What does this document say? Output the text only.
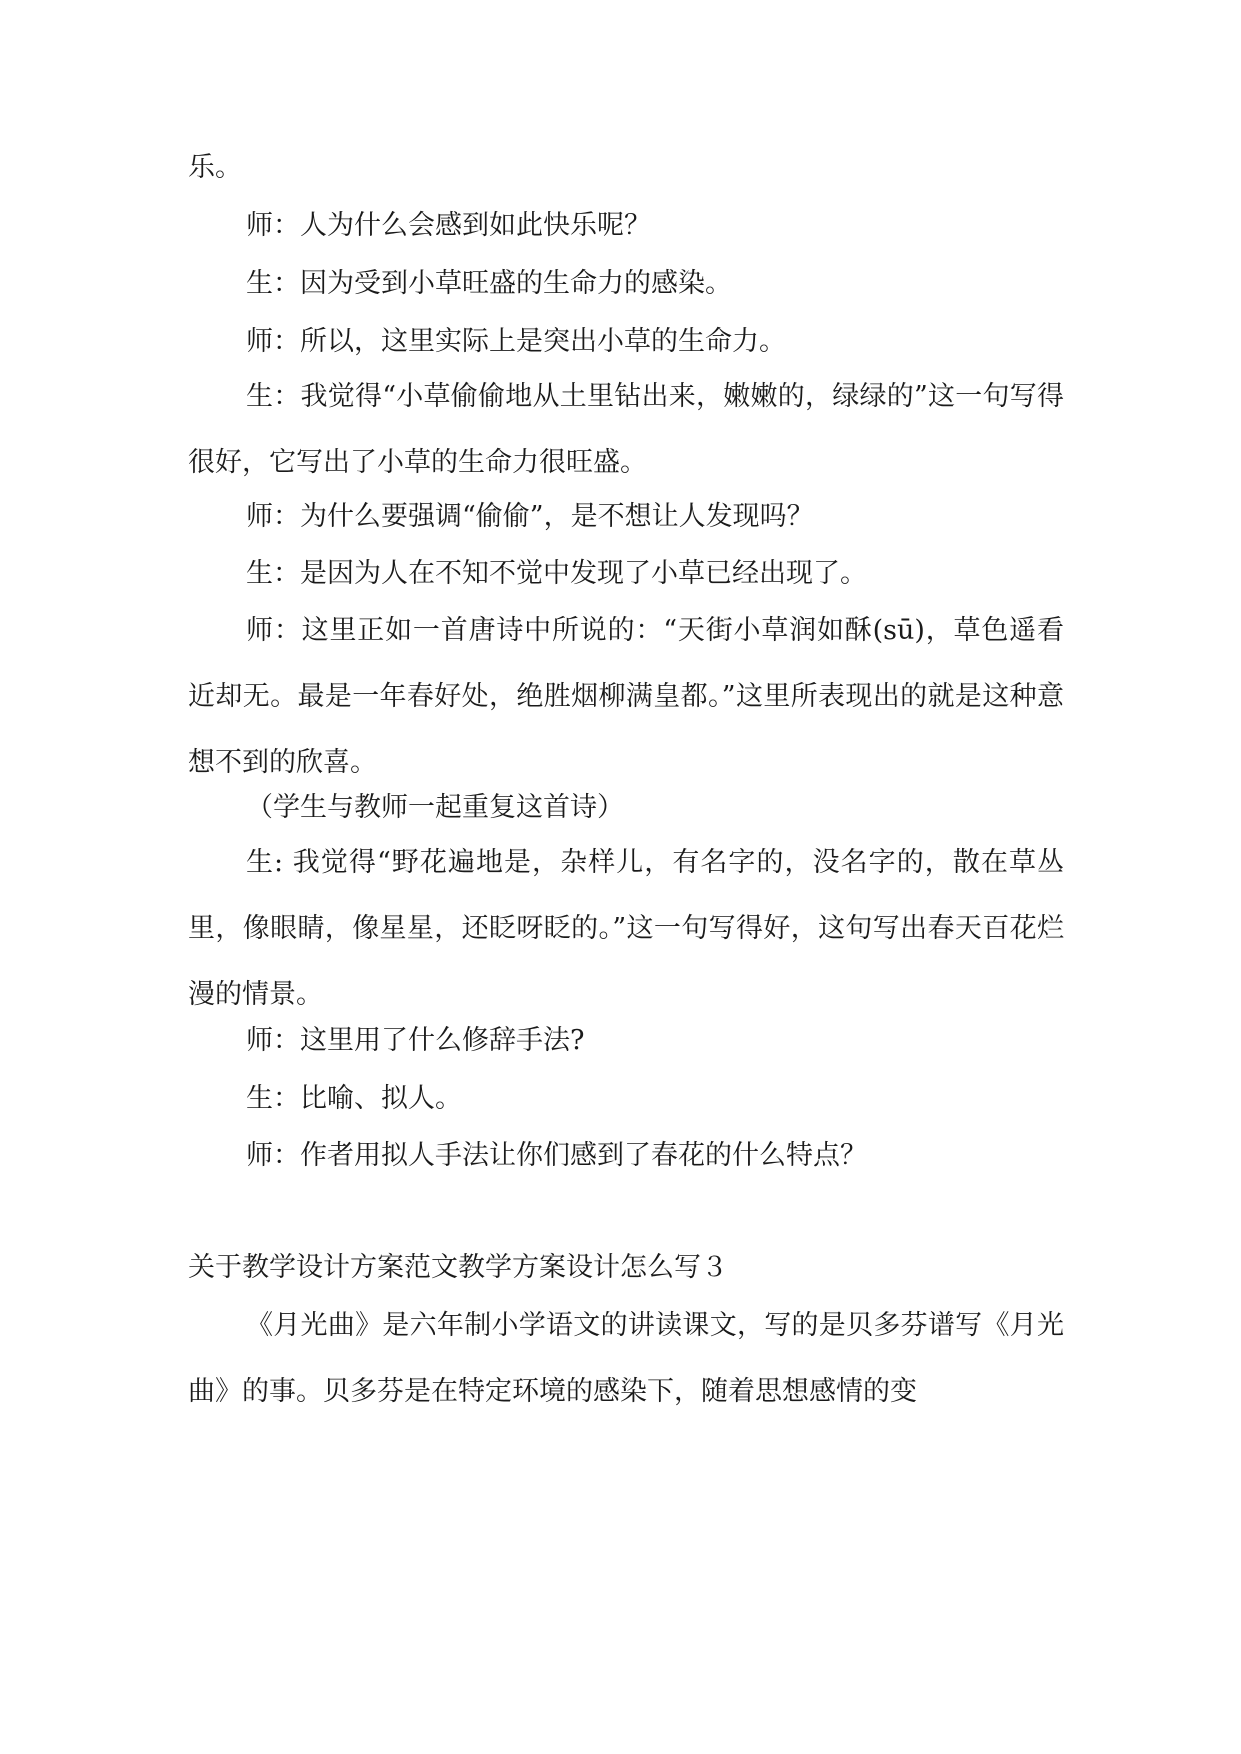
乐。

师：人为什么会感到如此快乐呢？

生：因为受到小草旺盛的生命力的感染。

师：所以，这里实际上是突出小草的生命力。

生：我觉得“小草偷偷地从土里钻出来，嫩嫩的，绿绿的”这一句写得很好，它写出了小草的生命力很旺盛。

师：为什么要强调“偷偷”，是不想让人发现吗？

生：是因为人在不知不觉中发现了小草已经出现了。

师：这里正如一首唐诗中所说的：“天街小草润如酥(sū)，草色遥看近却无。最是一年春好处，绝胜烟柳满皇都。”这里所表现出的就是这种意想不到的欣喜。

（学生与教师一起重复这首诗）

生: 我觉得“野花遍地是，杂样儿，有名字的，没名字的，散在草丛里，像眼睛，像星星，还眨呀眨的。”这一句写得好，这句写出春天百花烂漫的情景。

师：这里用了什么修辞手法?

生：比喻、拟人。

师：作者用拟人手法让你们感到了春花的什么特点？

关于教学设计方案范文教学方案设计怎么写３

《月光曲》是六年制小学语文的讲读课文，写的是贝多芬谱写《月光曲》的事。贝多芬是在特定环境的感染下，随着思想感情的变
